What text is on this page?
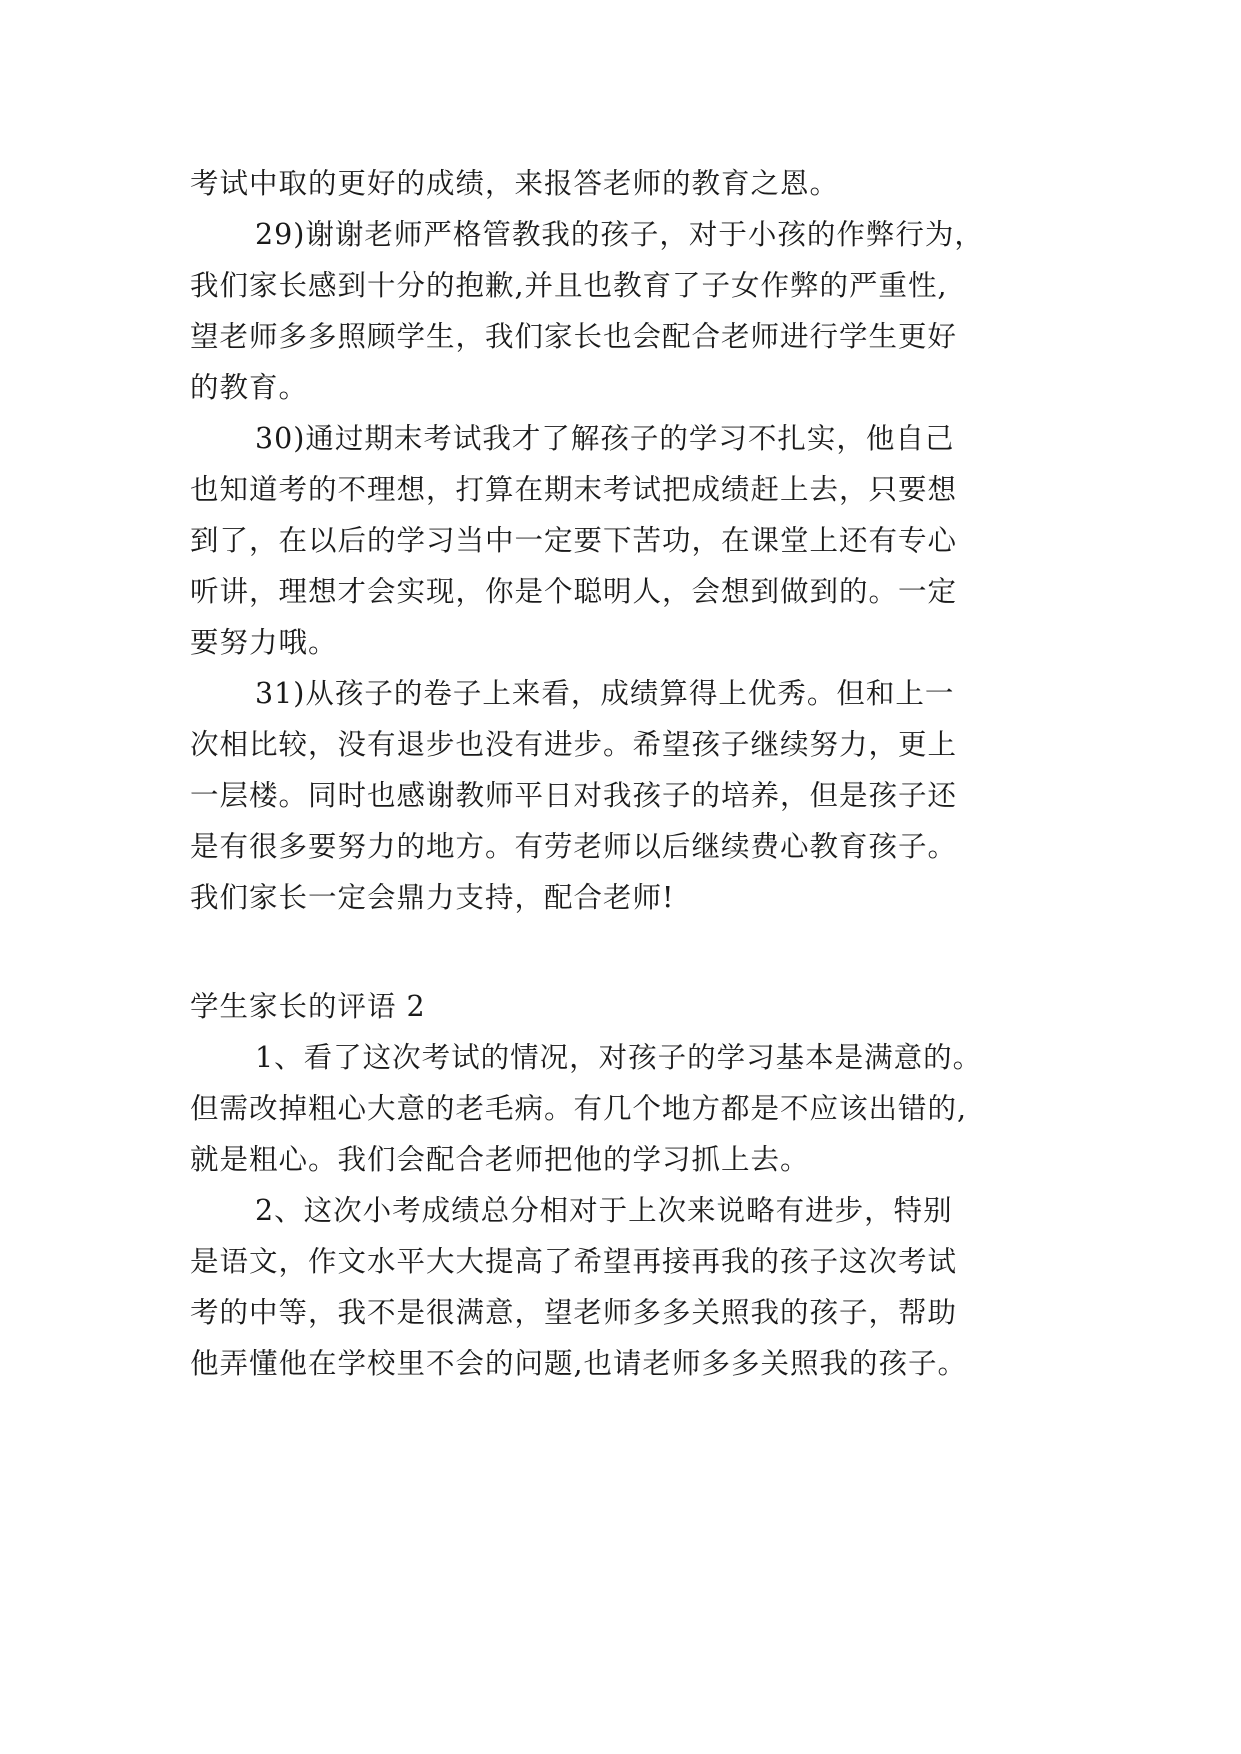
考试中取的更好的成绩，来报答老师的教育之恩。
29)谢谢老师严格管教我的孩子，对于小孩的作弊行为，
我们家长感到十分的抱歉,并且也教育了子女作弊的严重性,
望老师多多照顾学生，我们家长也会配合老师进行学生更好
的教育。
30)通过期末考试我才了解孩子的学习不扎实，他自己
也知道考的不理想，打算在期末考试把成绩赶上去，只要想
到了，在以后的学习当中一定要下苦功，在课堂上还有专心
听讲，理想才会实现，你是个聪明人，会想到做到的。一定
要努力哦。
31)从孩子的卷子上来看，成绩算得上优秀。但和上一
次相比较，没有退步也没有进步。希望孩子继续努力，更上
一层楼。同时也感谢教师平日对我孩子的培养，但是孩子还
是有很多要努力的地方。有劳老师以后继续费心教育孩子。
我们家长一定会鼎力支持，配合老师!
学生家长的评语 2
1、看了这次考试的情况，对孩子的学习基本是满意的。
但需改掉粗心大意的老毛病。有几个地方都是不应该出错的,
就是粗心。我们会配合老师把他的学习抓上去。
2、这次小考成绩总分相对于上次来说略有进步，特别
是语文，作文水平大大提高了希望再接再我的孩子这次考试
考的中等，我不是很满意，望老师多多关照我的孩子，帮助
他弄懂他在学校里不会的问题,也请老师多多关照我的孩子。
